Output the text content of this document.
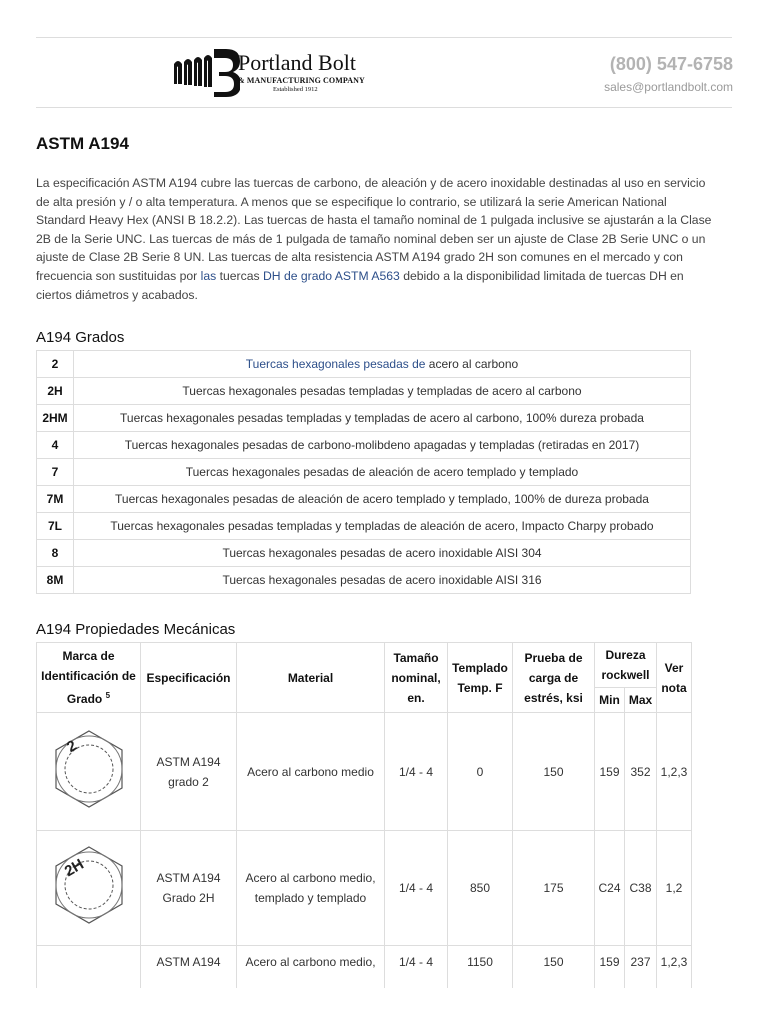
Portland Bolt
& MANUFACTURING COMPANY
Established 1912
(800) 547-6758
sales@portlandbolt.com
ASTM A194

La especificación ASTM A194 cubre las tuercas de carbono, de aleación y de acero inoxidable destinadas al uso en servicio de alta presión y / o alta temperatura. A menos que se especifique lo contrario, se utilizará la serie American National Standard Heavy Hex (ANSI B 18.2.2). Las tuercas de hasta el tamaño nominal de 1 pulgada inclusive se ajustarán a la Clase 2B de la Serie UNC. Las tuercas de más de 1 pulgada de tamaño nominal deben ser un ajuste de Clase 2B Serie UNC o un ajuste de Clase 2B Serie 8 UN. Las tuercas de alta resistencia ASTM A194 grado 2H son comunes en el mercado y con frecuencia son sustituidas por las tuercas DH de grado ASTM A563 debido a la disponibilidad limitada de tuercas DH en ciertos diámetros y acabados.

A194 Grados
2	Tuercas hexagonales pesadas de acero al carbono
2H	Tuercas hexagonales pesadas templadas y templadas de acero al carbono
2HM	Tuercas hexagonales pesadas templadas y templadas de acero al carbono, 100% dureza probada
4	Tuercas hexagonales pesadas de carbono-molibdeno apagadas y templadas (retiradas en 2017)
7	Tuercas hexagonales pesadas de aleación de acero templado y templado
7M	Tuercas hexagonales pesadas de aleación de acero templado y templado, 100% de dureza probada
7L	Tuercas hexagonales pesadas templadas y templadas de aleación de acero, Impacto Charpy probado
8	Tuercas hexagonales pesadas de acero inoxidable AISI 304
8M	Tuercas hexagonales pesadas de acero inoxidable AISI 316
A194 Propiedades Mecánicas
Marca de Identificación de Grado $^5$	Especificación	Material	Tamaño nominal, en.	Templado Temp. F	Prueba de carga de estrés, ksi	Dureza rockwell		Ver nota
						Min	Max	

2	ASTM A194 grado 2	Acero al carbono medio	1/4 - 4	0	150	159	352	1,2,3

2H	ASTM A194 Grado 2H	Acero al carbono medio, templado y templado	1/4 - 4	850	175	C24	C38	1,2
	ASTM A194	Acero al carbono medio,	1/4 - 4	1150	150	159	237	1,2,3
